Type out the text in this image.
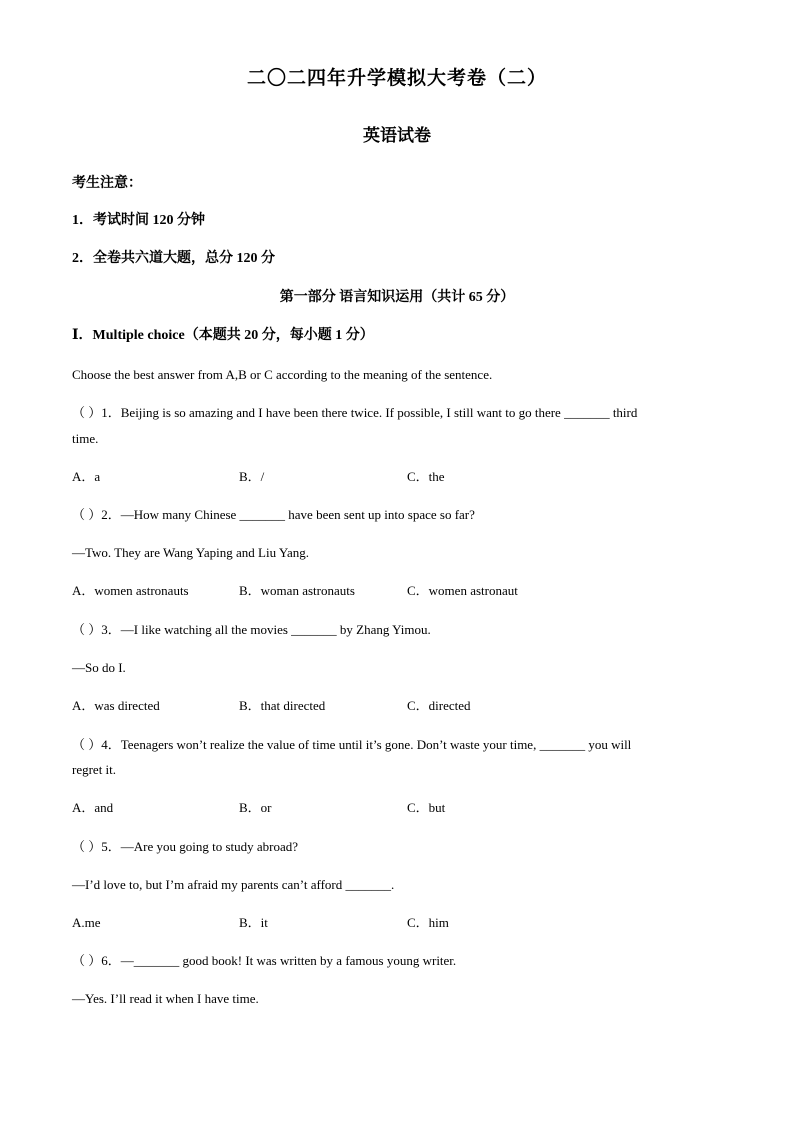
二〇二四年升学模拟大考卷（二）
英语试卷
考生注意：
1．考试时间 120 分钟
2．全卷共六道大题，总分 120 分
第一部分 语言知识运用（共计 65 分）
Ⅰ．Multiple choice（本题共 20 分，每小题 1 分）
Choose the best answer from A,B or C according to the meaning of the sentence.
（ ）1．Beijing is so amazing and I have been there twice. If possible, I still want to go there _______ third
time.
A．a	B．/	C．the
（ ）2．—How many Chinese _______ have been sent up into space so far?
—Two. They are Wang Yaping and Liu Yang.
A．women astronauts	B．woman astronauts	C．women astronaut
（ ）3．—I like watching all the movies _______ by Zhang Yimou.
—So do I.
A．was directed	B．that directed	C．directed
（ ）4．Teenagers won’t realize the value of time until it’s gone. Don’t waste your time, _______ you will
regret it.
A．and	B．or	C．but
（ ）5．—Are you going to study abroad?
—I’d love to, but I’m afraid my parents can’t afford _______.
A.me	B．it	C．him
（ ）6．—_______ good book! It was written by a famous young writer.
—Yes. I’ll read it when I have time.
